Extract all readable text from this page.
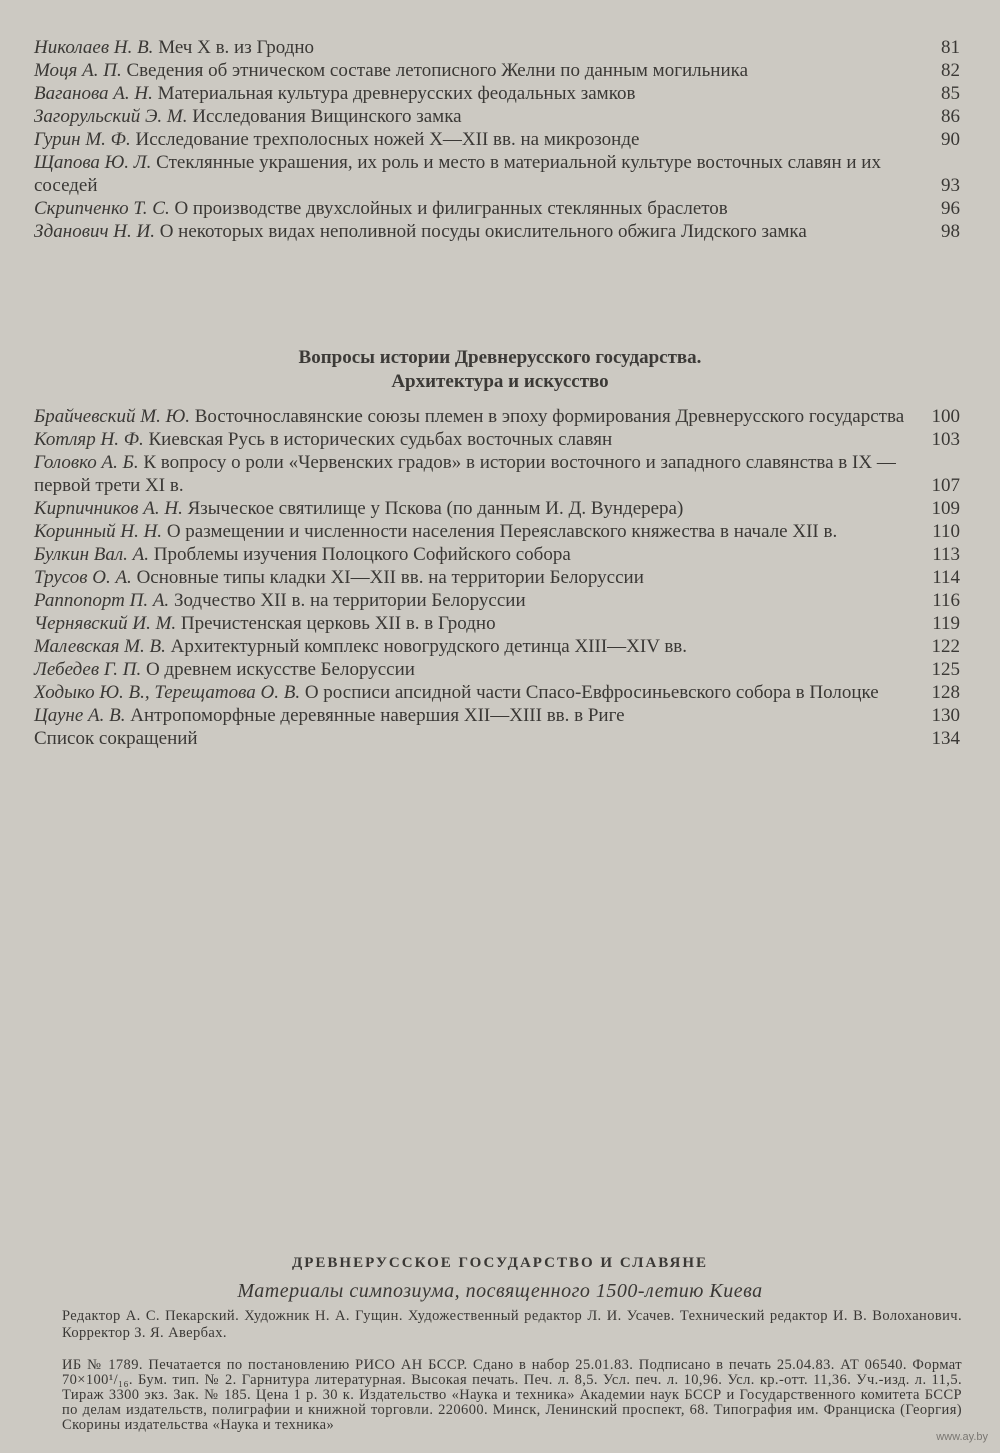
Николаев Н. В. Меч X в. из Гродно	81
Моця А. П. Сведения об этническом составе летописного Желни по данным могильника	82
Ваганова А. Н. Материальная культура древнерусских феодальных замков	85
Загорульский Э. М. Исследования Вищинского замка	86
Гурин М. Ф. Исследование трехполосных ножей X—XII вв. на микрозонде	90
Щапова Ю. Л. Стеклянные украшения, их роль и место в материальной культуре восточных славян и их соседей	93
Скрипченко Т. С. О производстве двухслойных и филигранных стеклянных браслетов	96
Зданович Н. И. О некоторых видах неполивной посуды окислительного обжига Лидского замка	98
Вопросы истории Древнерусского государства.
Архитектура и искусство
Брайчевский М. Ю. Восточнославянские союзы племен в эпоху формирования Древнерусского государства 100
Котляр Н. Ф. Киевская Русь в исторических судьбах восточных славян	103
Головко А. Б. К вопросу о роли «Червенских градов» в истории восточного и западного славянства в IX — первой трети XI в.	107
Кирпичников А. Н. Языческое святилище у Пскова (по данным И. Д. Вундерера)	109
Коринный Н. Н. О размещении и численности населения Переяславского княжества в начале XII в.	110
Булкин Вал. А. Проблемы изучения Полоцкого Софийского собора	113
Трусов О. А. Основные типы кладки XI—XII вв. на территории Белоруссии	114
Раппопорт П. А. Зодчество XII в. на территории Белоруссии	116
Чернявский И. М. Пречистенская церковь XII в. в Гродно	119
Малевская М. В. Архитектурный комплекс новогрудского детинца XIII—XIV вв.	122
Лебедев Г. П. О древнем искусстве Белоруссии	125
Ходыко Ю. В., Терещатова О. В. О росписи апсидной части Спасо-Евфросиньевского собора в Полоцке	128
Цауне А. В. Антропоморфные деревянные навершия XII—XIII вв. в Риге	130
Список сокращений	134
ДРЕВНЕРУССКОЕ ГОСУДАРСТВО И СЛАВЯНЕ
Материалы симпозиума, посвященного 1500-летию Киева
Редактор А. С. Пекарский. Художник Н. А. Гущин. Художественный редактор Л. И. Усачев. Технический редактор И. В. Волоханович. Корректор З. Я. Авербах.
ИБ № 1789. Печатается по постановлению РИСО АН БССР. Сдано в набор 25.01.83. Подписано в печать 25.04.83. АТ 06540. Формат 70×100¹/₁₆. Бум. тип. № 2. Гарнитура литературная. Высокая печать. Печ. л. 8,5. Усл. печ. л. 10,96. Усл. кр.-отт. 11,36. Уч.-изд. л. 11,5. Тираж 3300 экз. Зак. № 185. Цена 1 р. 30 к. Издательство «Наука и техника» Академии наук БССР и Государственного комитета БССР по делам издательств, полиграфии и книжной торговли. 220600. Минск, Ленинский проспект, 68. Типография им. Франциска (Георгия) Скорины издательства «Наука и техника»
www.ay.by
